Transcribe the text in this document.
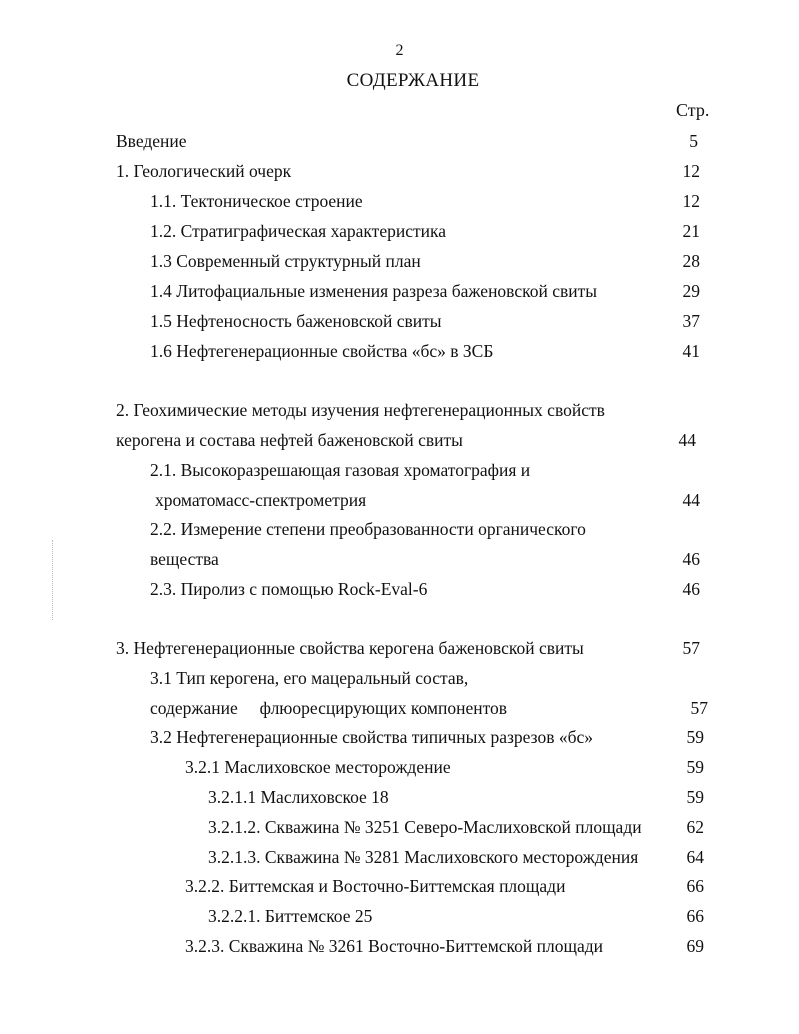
2
СОДЕРЖАНИЕ
Стр.
Введение	5
1. Геологический очерк	12
1.1. Тектоническое строение	12
1.2. Стратиграфическая характеристика	21
1.3 Современный структурный план	28
1.4 Литофациальные изменения разреза баженовской свиты	29
1.5 Нефтеносность баженовской свиты	37
1.6 Нефтегенерационные свойства «бс» в ЗСБ	41
2. Геохимические методы изучения нефтегенерационных свойств
керогена и состава нефтей баженовской свиты	44
2.1. Высокоразрешающая газовая хроматография и
хроматомасс-спектрометрия	44
2.2. Измерение степени преобразованности органического
вещества	46
2.3. Пиролиз с помощью Rock-Eval-6	46
3. Нефтегенерационные свойства керогена баженовской свиты	57
3.1 Тип керогена, его мацеральный состав,
содержание     флюоресцирующих компонентов	57
3.2 Нефтегенерационные свойства типичных разрезов «бс»	59
3.2.1 Маслиховское месторождение	59
3.2.1.1 Маслиховское 18	59
3.2.1.2. Скважина № 3251 Северо-Маслиховской площади	62
3.2.1.3. Скважина № 3281 Маслиховского месторождения	64
3.2.2. Биттемская и Восточно-Биттемская площади	66
3.2.2.1. Биттемское 25	66
3.2.3. Скважина № 3261 Восточно-Биттемской площади	69
